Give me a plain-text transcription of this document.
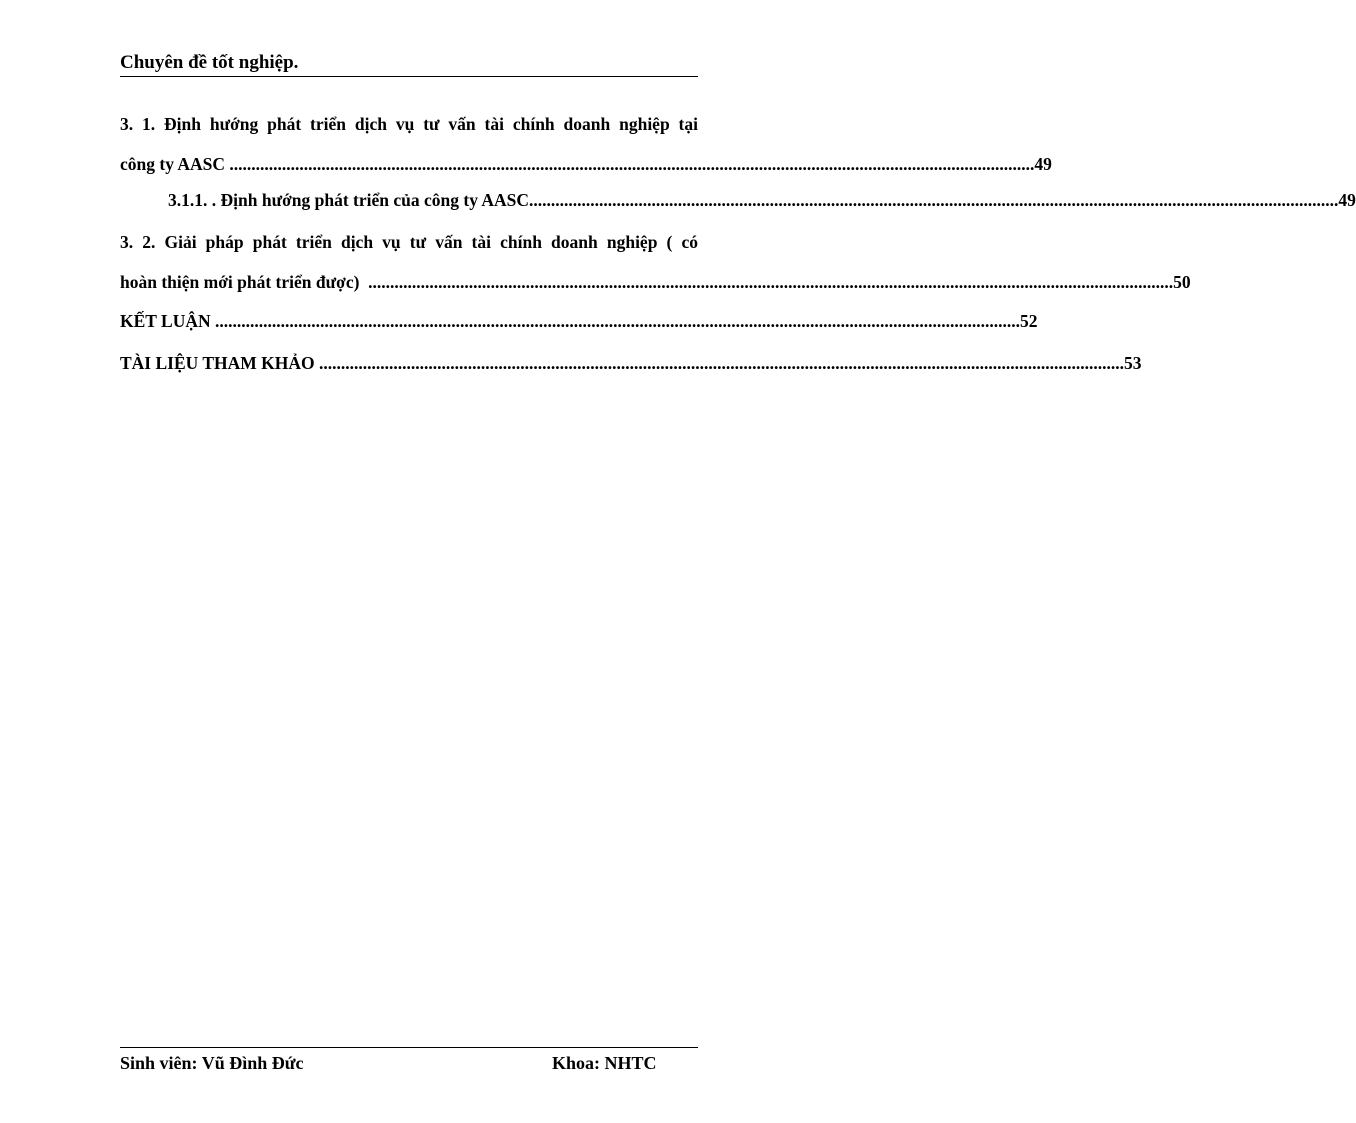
Chuyên đề tốt nghiệp.
3. 1. Định hướng phát triển dịch vụ tư vấn tài chính doanh nghiệp tại
công ty AASC ........................................................................................................................................................................................ 49
3.1.1. . Định hướng phát triển của công ty AASC. ........................................................................................................................................................................................ 49
3. 2. Giải pháp phát triển dịch vụ tư vấn tài chính doanh nghiệp ( có
hoàn thiện mới phát triển được) ........................................................................................................................................................................................ 50
KẾT LUẬN ........................................................................................................................................................................................ 52
TÀI LIỆU THAM KHẢO ........................................................................................................................................................................................ 53
Sinh viên: Vũ Đình Đức	Khoa: NHTC
